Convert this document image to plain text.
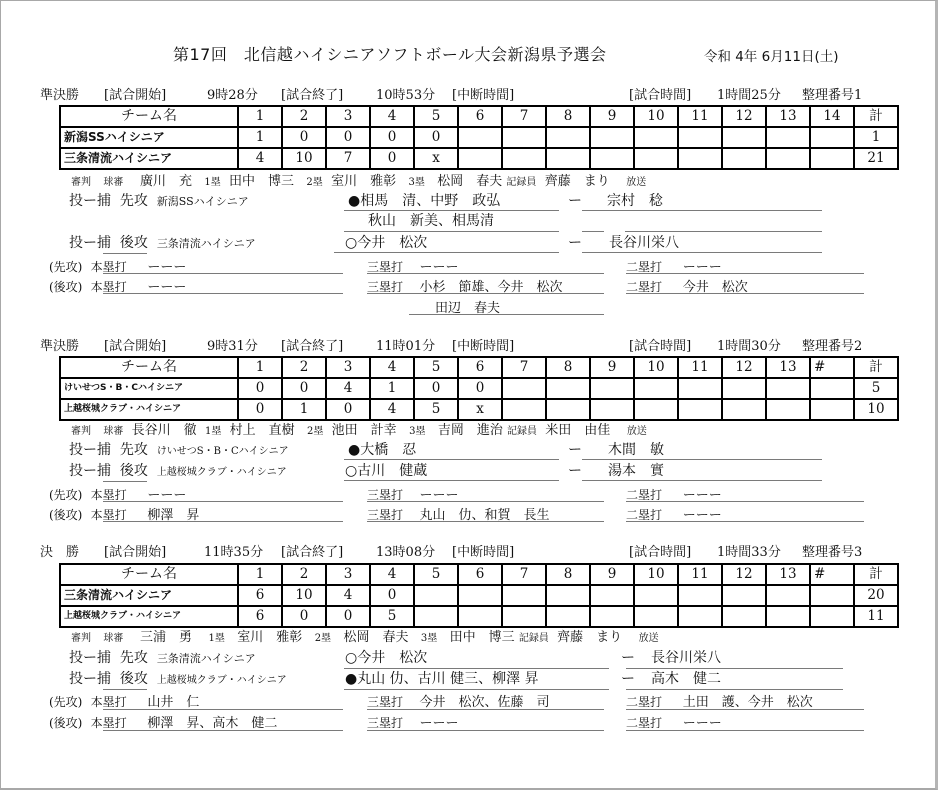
第17回　北信越ハイシニアソフトボール大会新潟県予選会	令和 4年 6月11日(土)
準決勝 [試合開始]	9時28分 [試合終了]	10時53分 [中断時間]	[試合時間] 1時間25分 整理番号1
チーム名	1	2	3	4	5	6	7	8	9	10	11	12	13	14	計
新潟SSハイシニア	1	0	0	0	0										1
三条清流ハイシニア	4	10	7	0	x										21
審判 球審 廣川　充 1塁 田中　博三 2塁 室川　雅彰 3塁 松岡　春夫 記録員 齊藤　まり 放送
投ー捕 先攻 新潟SSハイシニア	●相馬　清、中野　政弘	ー 宗村　稔
秋山　新美、相馬清
投ー捕 後攻 三条清流ハイシニア	○今井　松次	ー 長谷川栄八
(先攻) 本塁打 ーーー	三塁打 ーーー	二塁打 ーーー
(後攻) 本塁打 ーーー	三塁打 小杉　節雄、今井　松次	二塁打 今井　松次
田辺　春夫
準決勝 [試合開始]	9時31分 [試合終了]	11時01分 [中断時間]	[試合時間] 1時間30分 整理番号2
チーム名	1	2	3	4	5	6	7	8	9	10	11	12	13	#	計
けいせつS・B・Cハイシニア	0	0	4	1	0	0									5
上越桜城クラブ・ハイシニア	0	1	0	4	5	x									10
審判 球審 長谷川　徹 1塁 村上　直樹 2塁 池田　計幸 3塁 吉岡　進治 記録員 米田　由佳 放送
投ー捕 先攻 けいせつS・B・Cハイシニア	●大橋　忍	ー 木間　敏
投ー捕 後攻 上越桜城クラブ・ハイシニア	○古川　健蔵	ー 湯本　實
(先攻) 本塁打 ーーー	三塁打 ーーー	二塁打 ーーー
(後攻) 本塁打 柳澤　昇	三塁打 丸山　仂、和賀　長生	二塁打 ーーー
決　勝 [試合開始]	11時35分 [試合終了]	13時08分 [中断時間]	[試合時間] 1時間33分 整理番号3
チーム名	1	2	3	4	5	6	7	8	9	10	11	12	13	#	計
三条清流ハイシニア	6	10	4	0											20
上越桜城クラブ・ハイシニア	6	0	0	5											11
審判 球審 三浦　勇 1塁 室川　雅彰 2塁 松岡　春夫 3塁 田中　博三 記録員 齊藤　まり 放送
投ー捕 先攻 三条清流ハイシニア	○今井　松次	ー 長谷川栄八
投ー捕 後攻 上越桜城クラブ・ハイシニア	●丸山 仂、古川 健三、柳澤 昇	ー 高木　健二
(先攻) 本塁打 山井　仁	三塁打 今井　松次、佐藤　司	二塁打 土田　護、今井　松次
(後攻) 本塁打 柳澤　昇、高木　健二	三塁打 ーーー	二塁打 ーーー
